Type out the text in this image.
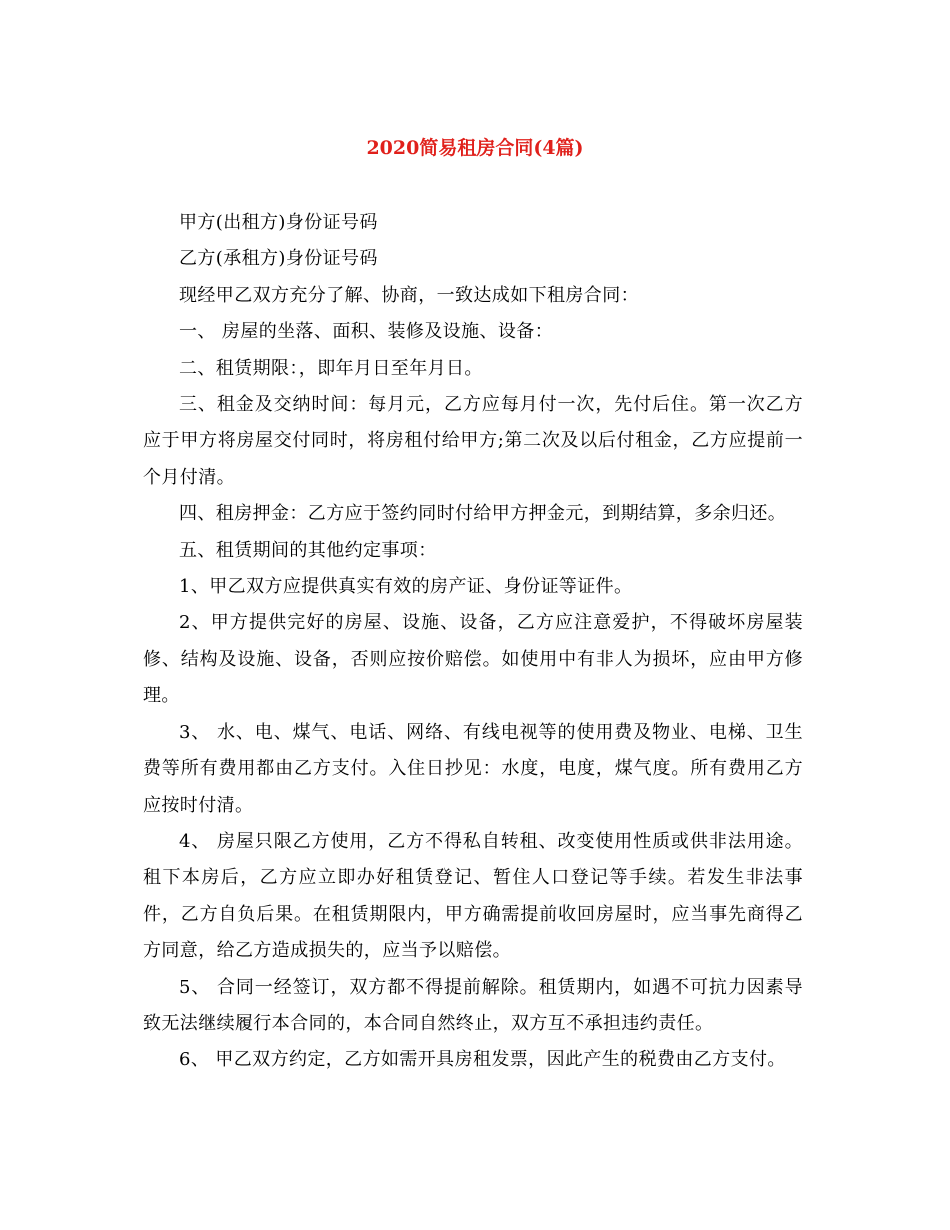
2020简易租房合同(4篇)

甲方(出租方)身份证号码

乙方(承租方)身份证号码

现经甲乙双方充分了解、协商，一致达成如下租房合同：

一、 房屋的坐落、面积、装修及设施、设备：

二、租赁期限：，即年月日至年月日。

三、租金及交纳时间：每月元，乙方应每月付一次，先付后住。第一次乙方应于甲方将房屋交付同时，将房租付给甲方;第二次及以后付租金，乙方应提前一个月付清。

四、租房押金：乙方应于签约同时付给甲方押金元，到期结算，多余归还。

五、租赁期间的其他约定事项：

1、甲乙双方应提供真实有效的房产证、身份证等证件。

2、甲方提供完好的房屋、设施、设备，乙方应注意爱护，不得破坏房屋装修、结构及设施、设备，否则应按价赔偿。如使用中有非人为损坏，应由甲方修理。

3、 水、电、煤气、电话、网络、有线电视等的使用费及物业、电梯、卫生费等所有费用都由乙方支付。入住日抄见：水度，电度，煤气度。所有费用乙方应按时付清。

4、 房屋只限乙方使用，乙方不得私自转租、改变使用性质或供非法用途。租下本房后，乙方应立即办好租赁登记、暂住人口登记等手续。若发生非法事件，乙方自负后果。在租赁期限内，甲方确需提前收回房屋时，应当事先商得乙方同意，给乙方造成损失的，应当予以赔偿。

5、 合同一经签订，双方都不得提前解除。租赁期内，如遇不可抗力因素导致无法继续履行本合同的，本合同自然终止，双方互不承担违约责任。

6、 甲乙双方约定，乙方如需开具房租发票，因此产生的税费由乙方支付。
